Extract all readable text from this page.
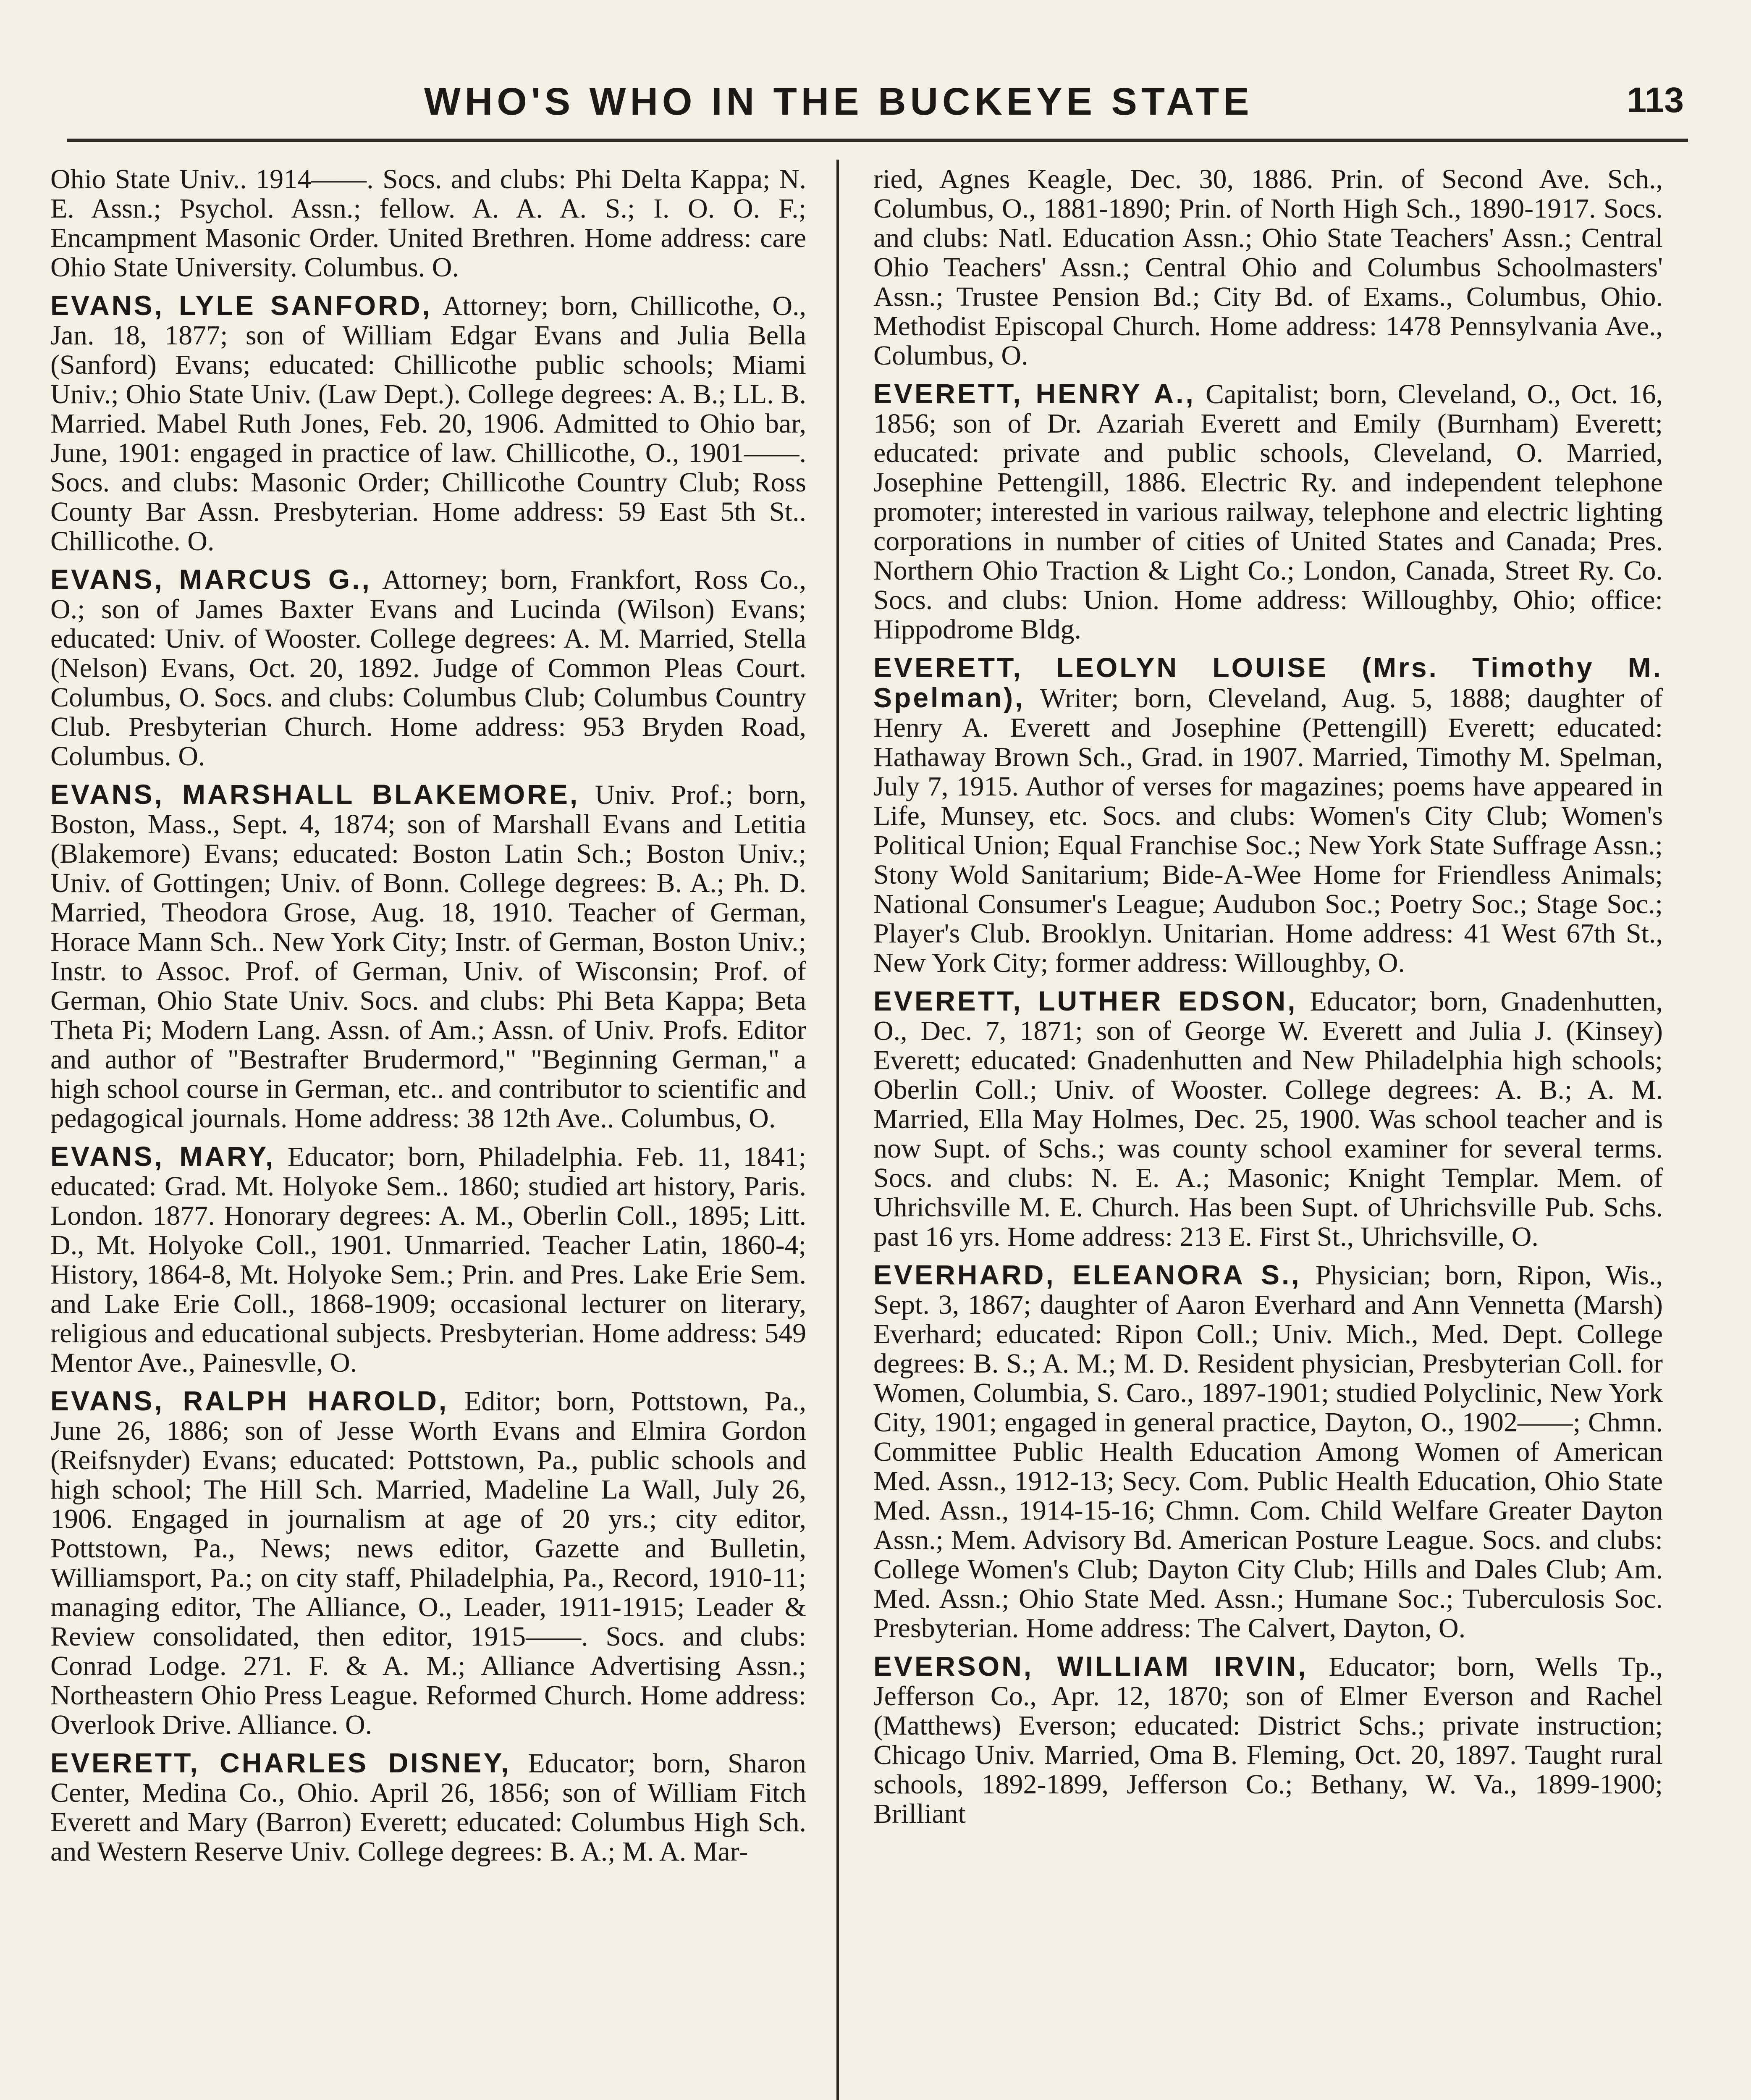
WHO'S WHO IN THE BUCKEYE STATE	113

Ohio State Univ.. 1914——. Socs. and clubs: Phi Delta Kappa; N. E. Assn.; Psychol. Assn.; fellow. A. A. A. S.; I. O. O. F.; Encampment Masonic Order. United Brethren. Home address: care Ohio State University. Columbus. O.

EVANS, LYLE SANFORD, Attorney; born, Chillicothe, O., Jan. 18, 1877; son of William Edgar Evans and Julia Bella (Sanford) Evans; educated: Chillicothe public schools; Miami Univ.; Ohio State Univ. (Law Dept.). College degrees: A. B.; LL. B. Married. Mabel Ruth Jones, Feb. 20, 1906. Admitted to Ohio bar, June, 1901: engaged in practice of law. Chillicothe, O., 1901——. Socs. and clubs: Masonic Order; Chillicothe Country Club; Ross County Bar Assn. Presbyterian. Home address: 59 East 5th St.. Chillicothe. O.

EVANS, MARCUS G., Attorney; born, Frankfort, Ross Co., O.; son of James Baxter Evans and Lucinda (Wilson) Evans; educated: Univ. of Wooster. College degrees: A. M. Married, Stella (Nelson) Evans, Oct. 20, 1892. Judge of Common Pleas Court. Columbus, O. Socs. and clubs: Columbus Club; Columbus Country Club. Presbyterian Church. Home address: 953 Bryden Road, Columbus. O.

EVANS, MARSHALL BLAKEMORE, Univ. Prof.; born, Boston, Mass., Sept. 4, 1874; son of Marshall Evans and Letitia (Blakemore) Evans; educated: Boston Latin Sch.; Boston Univ.; Univ. of Gottingen; Univ. of Bonn. College degrees: B. A.; Ph. D. Married, Theodora Grose, Aug. 18, 1910. Teacher of German, Horace Mann Sch.. New York City; Instr. of German, Boston Univ.; Instr. to Assoc. Prof. of German, Univ. of Wisconsin; Prof. of German, Ohio State Univ. Socs. and clubs: Phi Beta Kappa; Beta Theta Pi; Modern Lang. Assn. of Am.; Assn. of Univ. Profs. Editor and author of "Bestrafter Brudermord," "Beginning German," a high school course in German, etc.. and contributor to scientific and pedagogical journals. Home address: 38 12th Ave.. Columbus, O.

EVANS, MARY, Educator; born, Philadelphia. Feb. 11, 1841; educated: Grad. Mt. Holyoke Sem.. 1860; studied art history, Paris. London. 1877. Honorary degrees: A. M., Oberlin Coll., 1895; Litt. D., Mt. Holyoke Coll., 1901. Unmarried. Teacher Latin, 1860-4; History, 1864-8, Mt. Holyoke Sem.; Prin. and Pres. Lake Erie Sem. and Lake Erie Coll., 1868-1909; occasional lecturer on literary, religious and educational subjects. Presbyterian. Home address: 549 Mentor Ave., Painesvlle, O.

EVANS, RALPH HAROLD, Editor; born, Pottstown, Pa., June 26, 1886; son of Jesse Worth Evans and Elmira Gordon (Reifsnyder) Evans; educated: Pottstown, Pa., public schools and high school; The Hill Sch. Married, Madeline La Wall, July 26, 1906. Engaged in journalism at age of 20 yrs.; city editor, Pottstown, Pa., News; news editor, Gazette and Bulletin, Williamsport, Pa.; on city staff, Philadelphia, Pa., Record, 1910-11; managing editor, The Alliance, O., Leader, 1911-1915; Leader & Review consolidated, then editor, 1915——. Socs. and clubs: Conrad Lodge. 271. F. & A. M.; Alliance Advertising Assn.; Northeastern Ohio Press League. Reformed Church. Home address: Overlook Drive. Alliance. O.

EVERETT, CHARLES DISNEY, Educator; born, Sharon Center, Medina Co., Ohio. April 26, 1856; son of William Fitch Everett and Mary (Barron) Everett; educated: Columbus High Sch. and Western Reserve Univ. College degrees: B. A.; M. A. Mar-

ried, Agnes Keagle, Dec. 30, 1886. Prin. of Second Ave. Sch., Columbus, O., 1881-1890; Prin. of North High Sch., 1890-1917. Socs. and clubs: Natl. Education Assn.; Ohio State Teachers' Assn.; Central Ohio Teachers' Assn.; Central Ohio and Columbus Schoolmasters' Assn.; Trustee Pension Bd.; City Bd. of Exams., Columbus, Ohio. Methodist Episcopal Church. Home address: 1478 Pennsylvania Ave., Columbus, O.

EVERETT, HENRY A., Capitalist; born, Cleveland, O., Oct. 16, 1856; son of Dr. Azariah Everett and Emily (Burnham) Everett; educated: private and public schools, Cleveland, O. Married, Josephine Pettengill, 1886. Electric Ry. and independent telephone promoter; interested in various railway, telephone and electric lighting corporations in number of cities of United States and Canada; Pres. Northern Ohio Traction & Light Co.; London, Canada, Street Ry. Co. Socs. and clubs: Union. Home address: Willoughby, Ohio; office: Hippodrome Bldg.

EVERETT, LEOLYN LOUISE (Mrs. Timothy M. Spelman), Writer; born, Cleveland, Aug. 5, 1888; daughter of Henry A. Everett and Josephine (Pettengill) Everett; educated: Hathaway Brown Sch., Grad. in 1907. Married, Timothy M. Spelman, July 7, 1915. Author of verses for magazines; poems have appeared in Life, Munsey, etc. Socs. and clubs: Women's City Club; Women's Political Union; Equal Franchise Soc.; New York State Suffrage Assn.; Stony Wold Sanitarium; Bide-A-Wee Home for Friendless Animals; National Consumer's League; Audubon Soc.; Poetry Soc.; Stage Soc.; Player's Club. Brooklyn. Unitarian. Home address: 41 West 67th St., New York City; former address: Willoughby, O.

EVERETT, LUTHER EDSON, Educator; born, Gnadenhutten, O., Dec. 7, 1871; son of George W. Everett and Julia J. (Kinsey) Everett; educated: Gnadenhutten and New Philadelphia high schools; Oberlin Coll.; Univ. of Wooster. College degrees: A. B.; A. M. Married, Ella May Holmes, Dec. 25, 1900. Was school teacher and is now Supt. of Schs.; was county school examiner for several terms. Socs. and clubs: N. E. A.; Masonic; Knight Templar. Mem. of Uhrichsville M. E. Church. Has been Supt. of Uhrichsville Pub. Schs. past 16 yrs. Home address: 213 E. First St., Uhrichsville, O.

EVERHARD, ELEANORA S., Physician; born, Ripon, Wis., Sept. 3, 1867; daughter of Aaron Everhard and Ann Vennetta (Marsh) Everhard; educated: Ripon Coll.; Univ. Mich., Med. Dept. College degrees: B. S.; A. M.; M. D. Resident physician, Presbyterian Coll. for Women, Columbia, S. Caro., 1897-1901; studied Polyclinic, New York City, 1901; engaged in general practice, Dayton, O., 1902——; Chmn. Committee Public Health Education Among Women of American Med. Assn., 1912-13; Secy. Com. Public Health Education, Ohio State Med. Assn., 1914-15-16; Chmn. Com. Child Welfare Greater Dayton Assn.; Mem. Advisory Bd. American Posture League. Socs. and clubs: College Women's Club; Dayton City Club; Hills and Dales Club; Am. Med. Assn.; Ohio State Med. Assn.; Humane Soc.; Tuberculosis Soc. Presbyterian. Home address: The Calvert, Dayton, O.

EVERSON, WILLIAM IRVIN, Educator; born, Wells Tp., Jefferson Co., Apr. 12, 1870; son of Elmer Everson and Rachel (Matthews) Everson; educated: District Schs.; private instruction; Chicago Univ. Married, Oma B. Fleming, Oct. 20, 1897. Taught rural schools, 1892-1899, Jefferson Co.; Bethany, W. Va., 1899-1900; Brilliant
